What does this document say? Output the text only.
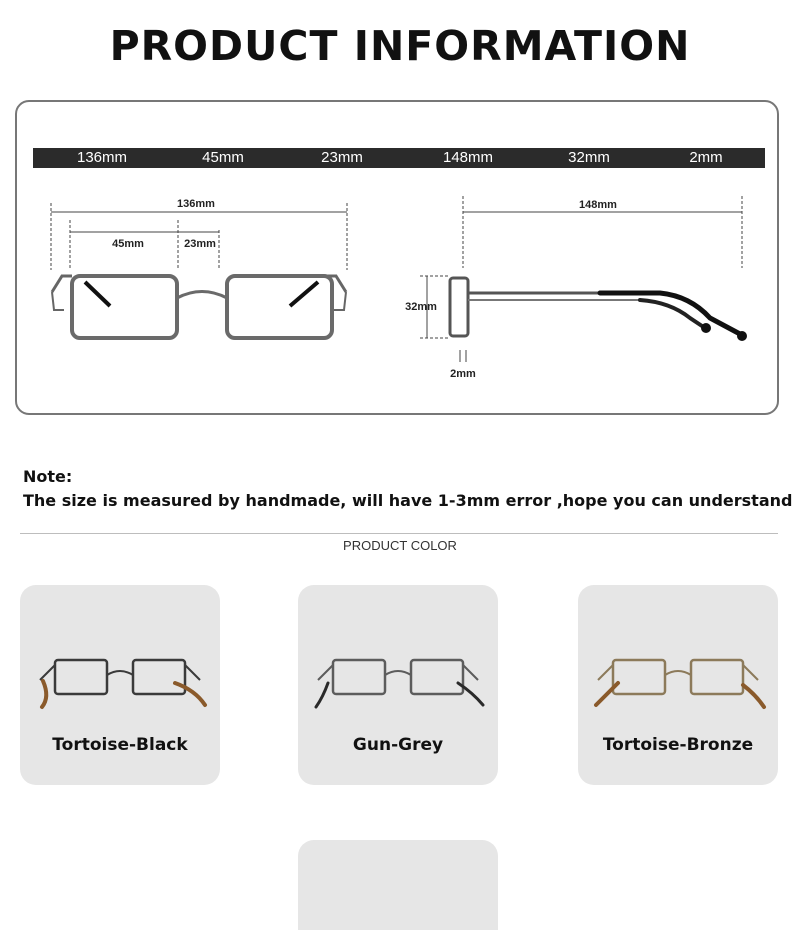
PRODUCT INFORMATION
136mm	45mm	23mm	148mm	32mm	2mm
136mm
45mm	23mm
148mm
32mm
2mm
Note:
The size is measured by handmade, will have 1-3mm error ,hope you can understand
PRODUCT COLOR
Tortoise-Black	Gun-Grey	Tortoise-Bronze
